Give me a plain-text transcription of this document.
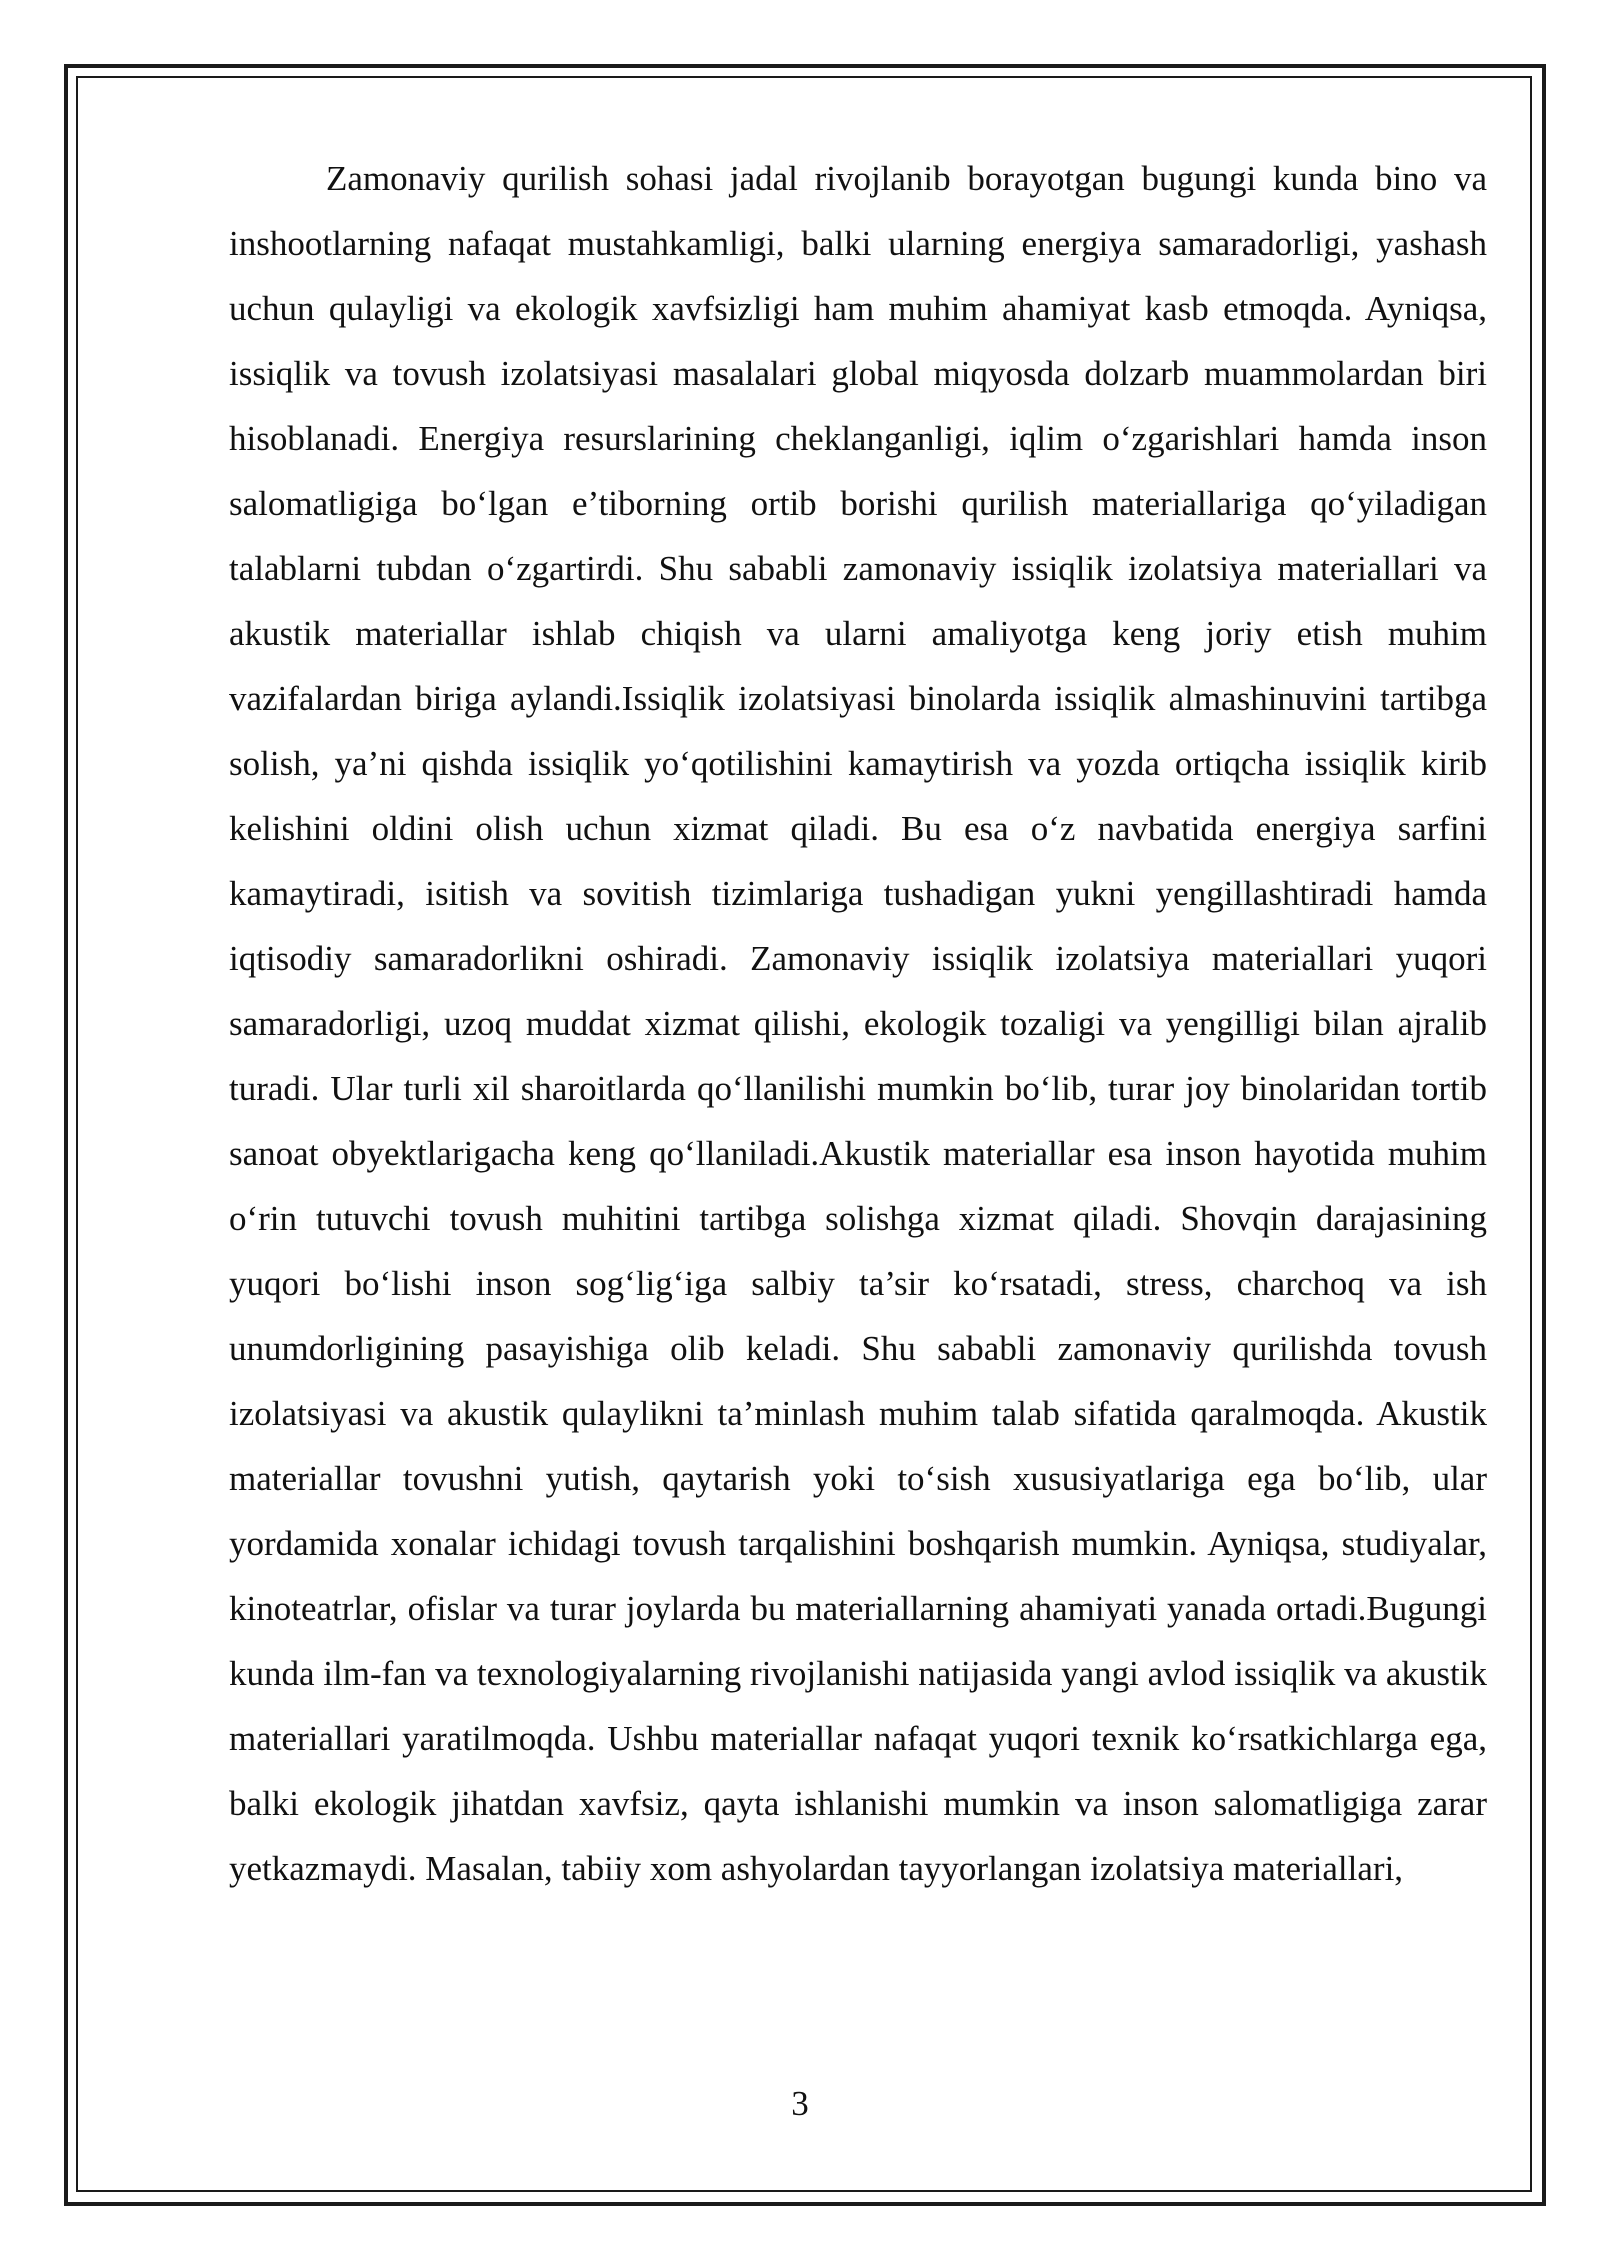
Zamonaviy qurilish sohasi jadal rivojlanib borayotgan bugungi kunda bino va inshootlarning nafaqat mustahkamligi, balki ularning energiya samaradorligi, yashash uchun qulayligi va ekologik xavfsizligi ham muhim ahamiyat kasb etmoqda. Ayniqsa, issiqlik va tovush izolatsiyasi masalalari global miqyosda dolzarb muammolardan biri hisoblanadi. Energiya resurslarining cheklanganligi, iqlim o‘zgarishlari hamda inson salomatligiga bo‘lgan e’tiborning ortib borishi qurilish materiallariga qo‘yiladigan talablarni tubdan o‘zgartirdi. Shu sababli zamonaviy issiqlik izolatsiya materiallari va akustik materiallar ishlab chiqish va ularni amaliyotga keng joriy etish muhim vazifalardan biriga aylandi.Issiqlik izolatsiyasi binolarda issiqlik almashinuvini tartibga solish, ya’ni qishda issiqlik yo‘qotilishini kamaytirish va yozda ortiqcha issiqlik kirib kelishini oldini olish uchun xizmat qiladi. Bu esa o‘z navbatida energiya sarfini kamaytiradi, isitish va sovitish tizimlariga tushadigan yukni yengillashtiradi hamda iqtisodiy samaradorlikni oshiradi. Zamonaviy issiqlik izolatsiya materiallari yuqori samaradorligi, uzoq muddat xizmat qilishi, ekologik tozaligi va yengilligi bilan ajralib turadi. Ular turli xil sharoitlarda qo‘llanilishi mumkin bo‘lib, turar joy binolaridan tortib sanoat obyektlarigacha keng qo‘llaniladi.Akustik materiallar esa inson hayotida muhim o‘rin tutuvchi tovush muhitini tartibga solishga xizmat qiladi. Shovqin darajasining yuqori bo‘lishi inson sog‘lig‘iga salbiy ta’sir ko‘rsatadi, stress, charchoq va ish unumdorligining pasayishiga olib keladi. Shu sababli zamonaviy qurilishda tovush izolatsiyasi va akustik qulaylikni ta’minlash muhim talab sifatida qaralmoqda. Akustik materiallar tovushni yutish, qaytarish yoki to‘sish xususiyatlariga ega bo‘lib, ular yordamida xonalar ichidagi tovush tarqalishini boshqarish mumkin. Ayniqsa, studiyalar, kinoteatrlar, ofislar va turar joylarda bu materiallarning ahamiyati yanada ortadi.Bugungi kunda ilm-fan va texnologiyalarning rivojlanishi natijasida yangi avlod issiqlik va akustik materiallari yaratilmoqda. Ushbu materiallar nafaqat yuqori texnik ko‘rsatkichlarga ega, balki ekologik jihatdan xavfsiz, qayta ishlanishi mumkin va inson salomatligiga zarar yetkazmaydi. Masalan, tabiiy xom ashyolardan tayyorlangan izolatsiya materiallari,

3
